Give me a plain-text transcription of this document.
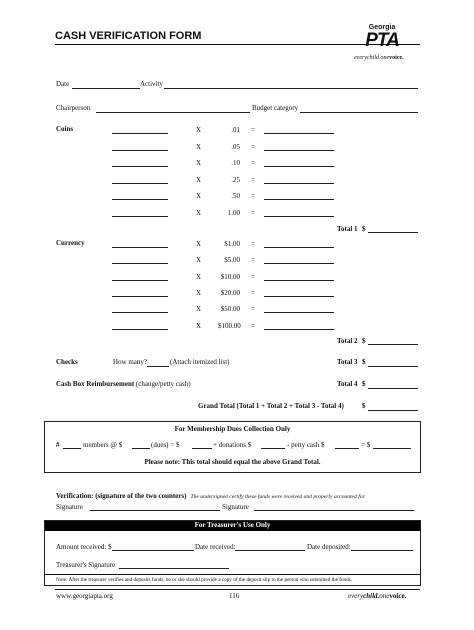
CASH VERIFICATION FORM
Georgia
PTA
everychild.onevoice.
Date	Activity
Chairperson	Budget category
Coins	X	.01 =
X	.05 =
X	.10 =
X	.25 =
X	.50 =
X	1.00 =
Total 1 $
Currency	X	$1.00 =
X	$5.00 =
X	$10.00 =
X	$20.00 =
X	$50.00 =
X $100.00 =
Total 2 $
Checks	How many?	(Attach itemized list)	Total 3 $
Cash Box Reimbursement (change/petty cash)	Total 4 $
Grand Total (Total 1 + Total 2 + Total 3 - Total 4)	$
For Membership Dues Collection Only
#	members @ $	(dues) = $	+ donations $	- petty cash $	= $
Please note: This total should equal the above Grand Total.
Verification: (signature of the two counters) The undersigned certify these funds were received and properly accounted for.
Signature	Signature
For Treasurer's Use Only
Amount received: $	Date received:	Date deposited:
Treasurer's Signature
Note: After the treasurer verifies and deposits funds, he or she should provide a copy of the deposit slip to the person who submitted the funds.
www.georgiapta.org	116	everychild.onevoice.
